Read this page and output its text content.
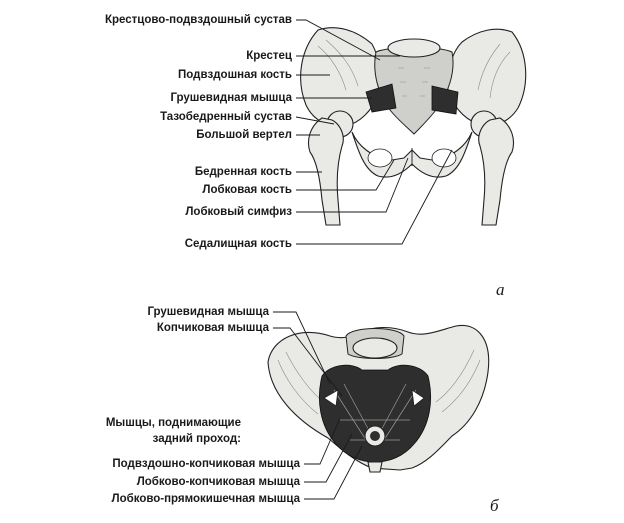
Крестцово-подвздошный сустав
Крестец
Подвздошная кость
Грушевидная мышца
Тазобедренный сустав
Большой вертел
Бедренная кость
Лобковая кость
Лобковый симфиз
Седалищная кость
а
Грушевидная мышца
Копчиковая мышца
Мышцы, поднимающие
задний проход:
Подвздошно-копчиковая мышца
Лобково-копчиковая мышца
Лобково-прямокишечная мышца	б
